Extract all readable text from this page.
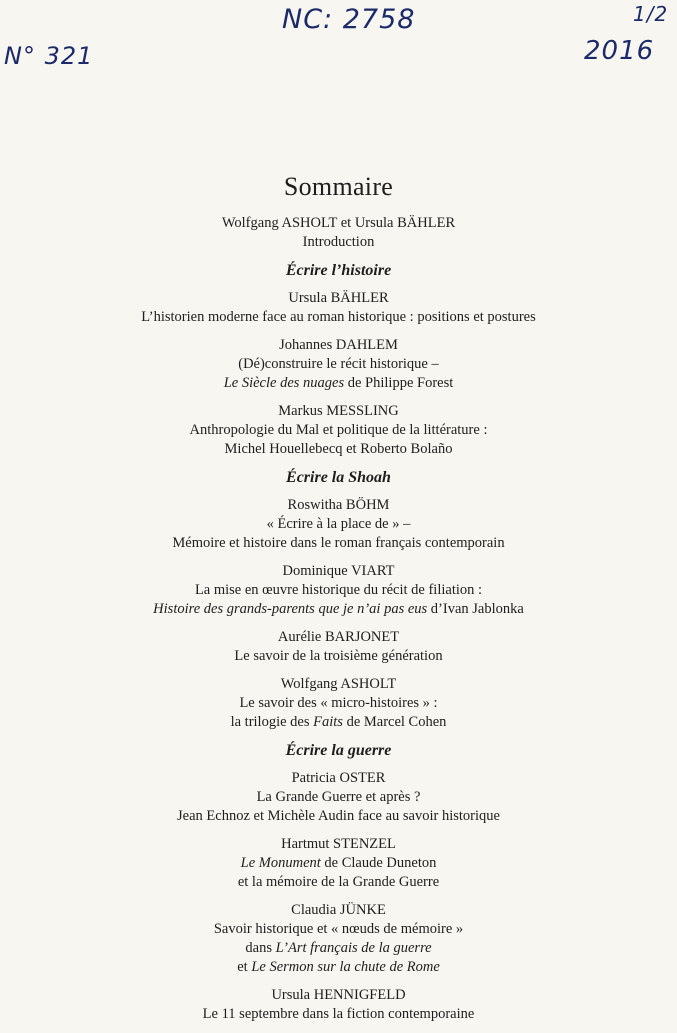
NC: 2758
N° 321
1/2
2016
Sommaire
Wolfgang ASHOLT et Ursula BÄHLER
Introduction
Écrire l’histoire
Ursula BÄHLER
L’historien moderne face au roman historique : positions et postures
Johannes DAHLEM
(Dé)construire le récit historique –
Le Siècle des nuages de Philippe Forest
Markus MESSLING
Anthropologie du Mal et politique de la littérature :
Michel Houellebecq et Roberto Bolaño
Écrire la Shoah
Roswitha BÖHM
« Écrire à la place de » –
Mémoire et histoire dans le roman français contemporain
Dominique VIART
La mise en œuvre historique du récit de filiation :
Histoire des grands-parents que je n’ai pas eus d’Ivan Jablonka
Aurélie BARJONET
Le savoir de la troisième génération
Wolfgang ASHOLT
Le savoir des « micro-histoires » :
la trilogie des Faits de Marcel Cohen
Écrire la guerre
Patricia OSTER
La Grande Guerre et après ?
Jean Echnoz et Michèle Audin face au savoir historique
Hartmut STENZEL
Le Monument de Claude Duneton
et la mémoire de la Grande Guerre
Claudia JÜNKE
Savoir historique et « nœuds de mémoire »
dans L’Art français de la guerre
et Le Sermon sur la chute de Rome
Ursula HENNIGFELD
Le 11 septembre dans la fiction contemporaine
